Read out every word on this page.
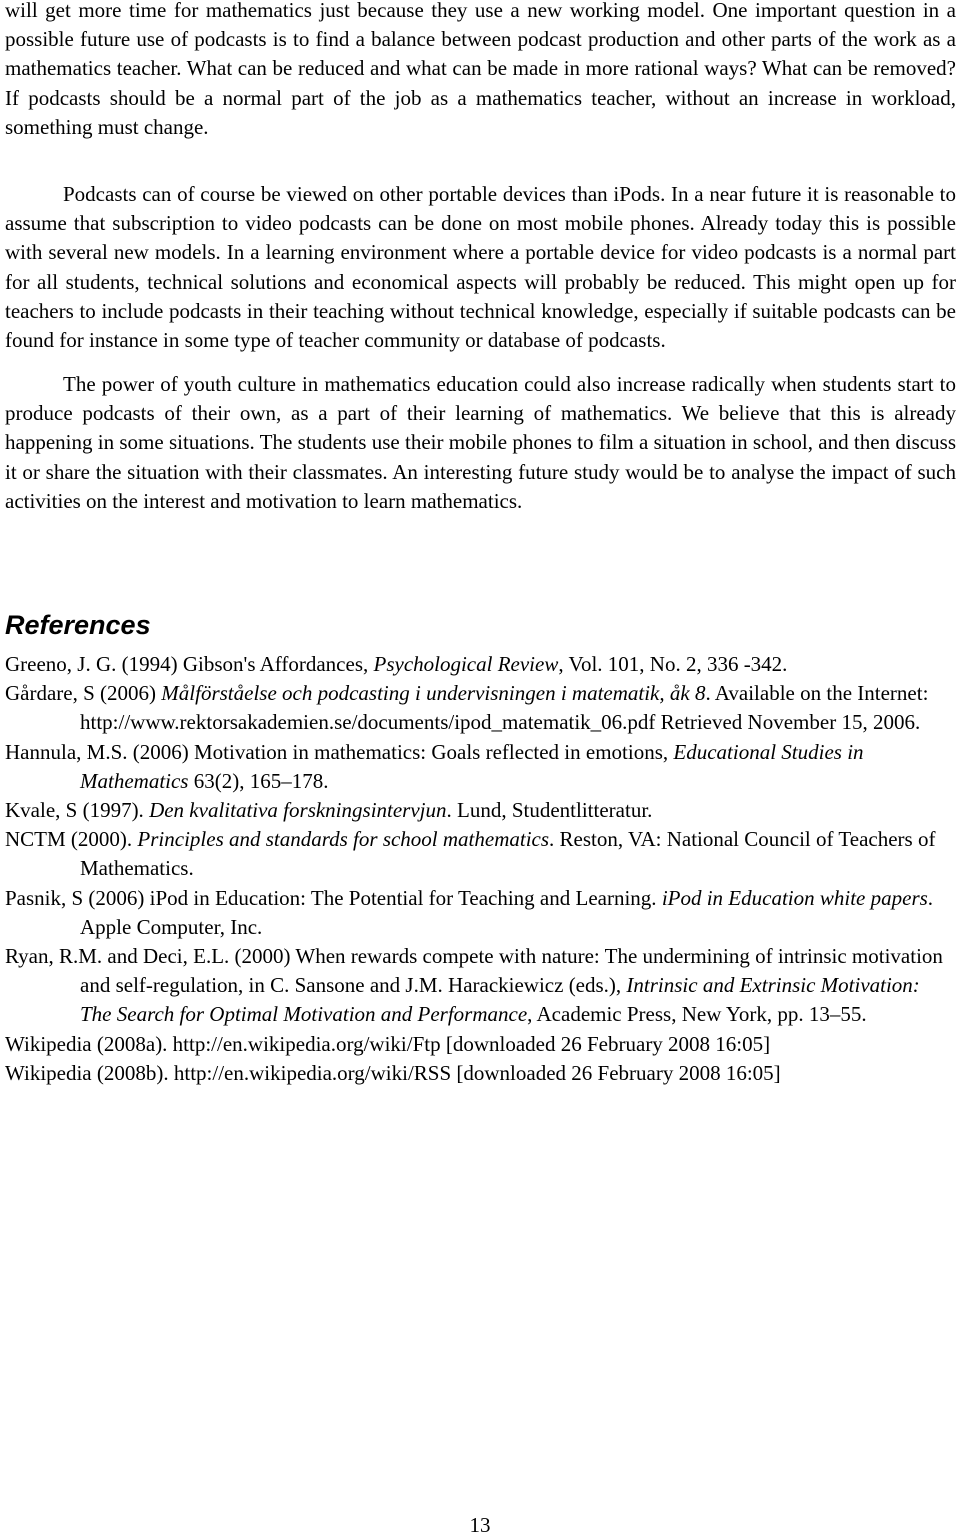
will get more time for mathematics just because they use a new working model. One important question in a possible future use of podcasts is to find a balance between podcast production and other parts of the work as a mathematics teacher. What can be reduced and what can be made in more rational ways? What can be removed? If podcasts should be a normal part of the job as a mathematics teacher, without an increase in workload, something must change.

Podcasts can of course be viewed on other portable devices than iPods. In a near future it is reasonable to assume that subscription to video podcasts can be done on most mobile phones. Already today this is possible with several new models. In a learning environment where a portable device for video podcasts is a normal part for all students, technical solutions and economical aspects will probably be reduced. This might open up for teachers to include podcasts in their teaching without technical knowledge, especially if suitable podcasts can be found for instance in some type of teacher community or database of podcasts.

The power of youth culture in mathematics education could also increase radically when students start to produce podcasts of their own, as a part of their learning of mathematics. We believe that this is already happening in some situations. The students use their mobile phones to film a situation in school, and then discuss it or share the situation with their classmates. An interesting future study would be to analyse the impact of such activities on the interest and motivation to learn mathematics.

References

Greeno, J. G. (1994) Gibson's Affordances, Psychological Review, Vol. 101, No. 2, 336 -342.

Gårdare, S (2006) Målförståelse och podcasting i undervisningen i matematik, åk 8. Available on the Internet: http://www.rektorsakademien.se/documents/ipod_matematik_06.pdf Retrieved November 15, 2006.

Hannula, M.S. (2006) Motivation in mathematics: Goals reflected in emotions, Educational Studies in Mathematics 63(2), 165–178.

Kvale, S (1997). Den kvalitativa forskningsintervjun. Lund, Studentlitteratur.

NCTM (2000). Principles and standards for school mathematics. Reston, VA: National Council of Teachers of Mathematics.

Pasnik, S (2006) iPod in Education: The Potential for Teaching and Learning. iPod in Education white papers. Apple Computer, Inc.

Ryan, R.M. and Deci, E.L. (2000) When rewards compete with nature: The undermining of intrinsic motivation and self-regulation, in C. Sansone and J.M. Harackiewicz (eds.), Intrinsic and Extrinsic Motivation: The Search for Optimal Motivation and Performance, Academic Press, New York, pp. 13–55.

Wikipedia (2008a). http://en.wikipedia.org/wiki/Ftp [downloaded 26 February 2008 16:05]

Wikipedia (2008b). http://en.wikipedia.org/wiki/RSS [downloaded 26 February 2008 16:05]

13
